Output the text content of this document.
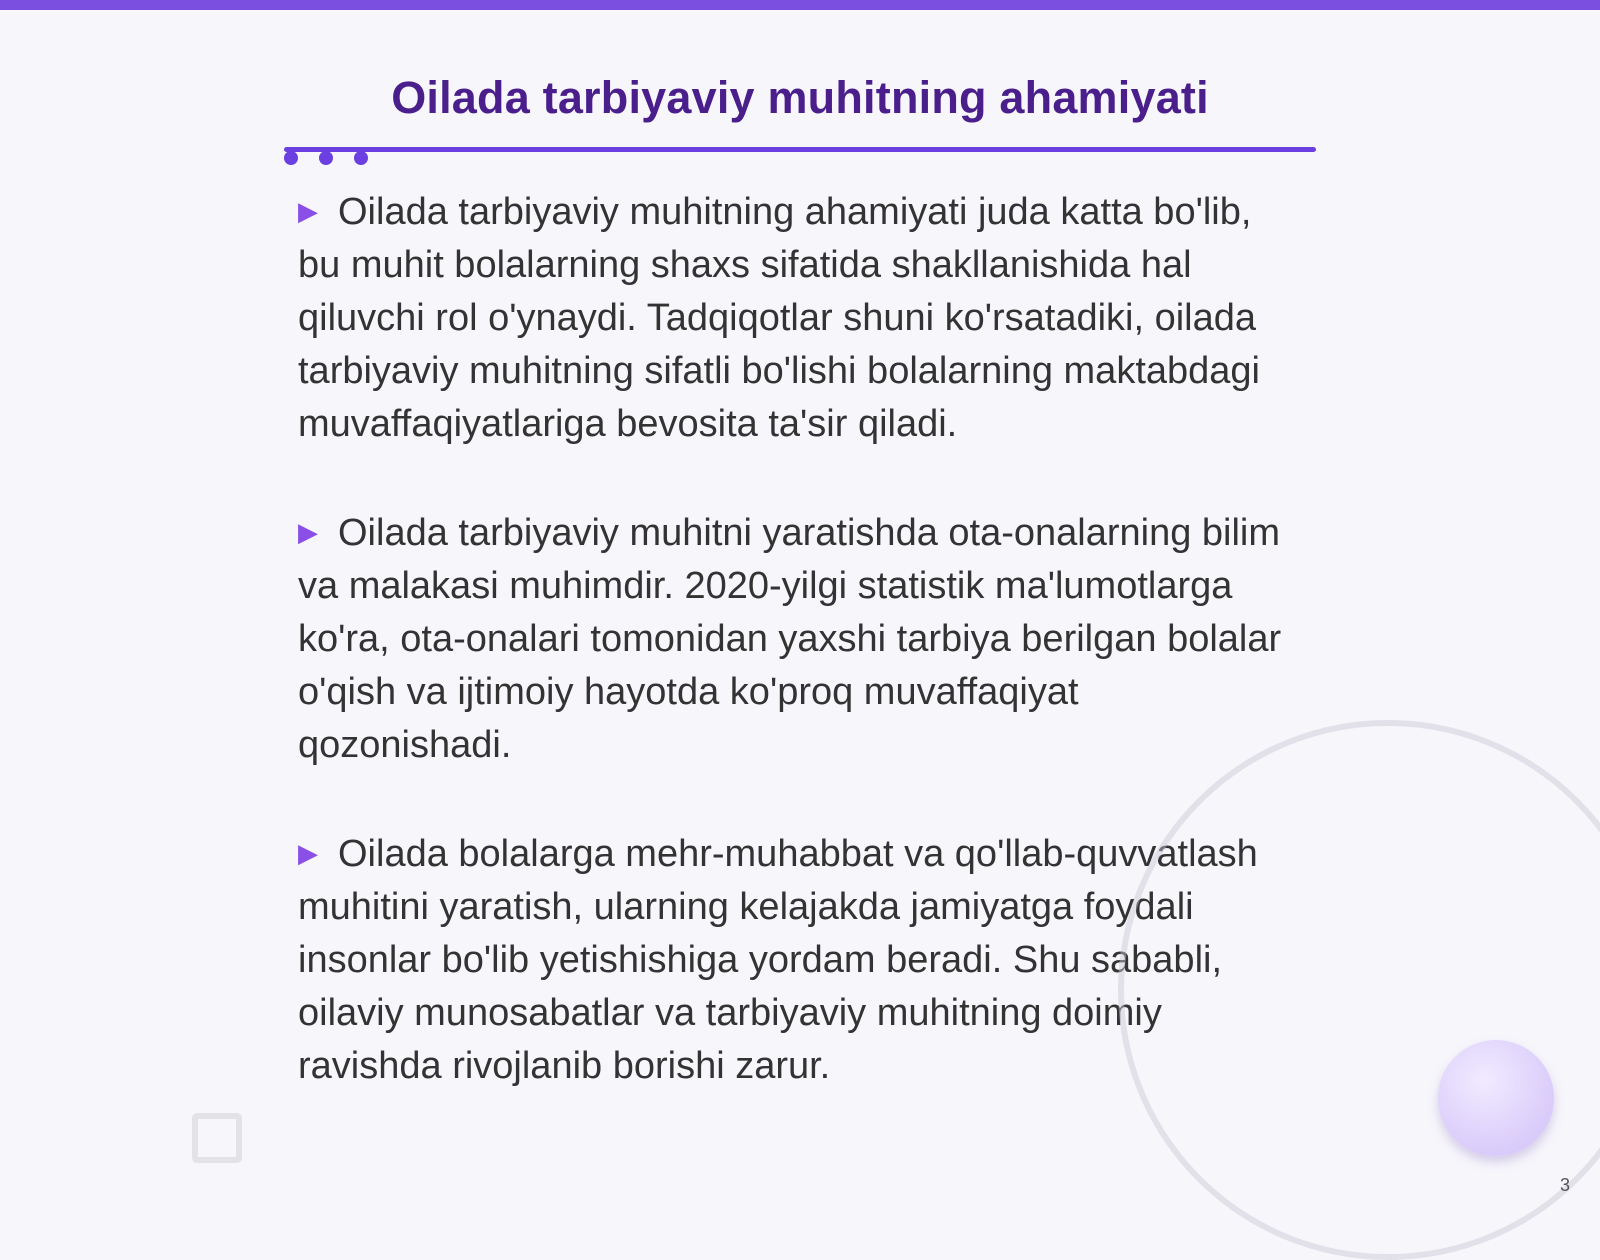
Oilada tarbiyaviy muhitning ahamiyati

▶ Oilada tarbiyaviy muhitning ahamiyati juda katta bo'lib, bu muhit bolalarning shaxs sifatida shakllanishida hal qiluvchi rol o'ynaydi. Tadqiqotlar shuni ko'rsatadiki, oilada tarbiyaviy muhitning sifatli bo'lishi bolalarning maktabdagi muvaffaqiyatlariga bevosita ta'sir qiladi.

▶ Oilada tarbiyaviy muhitni yaratishda ota-onalarning bilim va malakasi muhimdir. 2020-yilgi statistik ma'lumotlarga ko'ra, ota-onalari tomonidan yaxshi tarbiya berilgan bolalar o'qish va ijtimoiy hayotda ko'proq muvaffaqiyat qozonishadi.

▶ Oilada bolalarga mehr-muhabbat va qo'llab-quvvatlash muhitini yaratish, ularning kelajakda jamiyatga foydali insonlar bo'lib yetishishiga yordam beradi. Shu sababli, oilaviy munosabatlar va tarbiyaviy muhitning doimiy ravishda rivojlanib borishi zarur.

3
